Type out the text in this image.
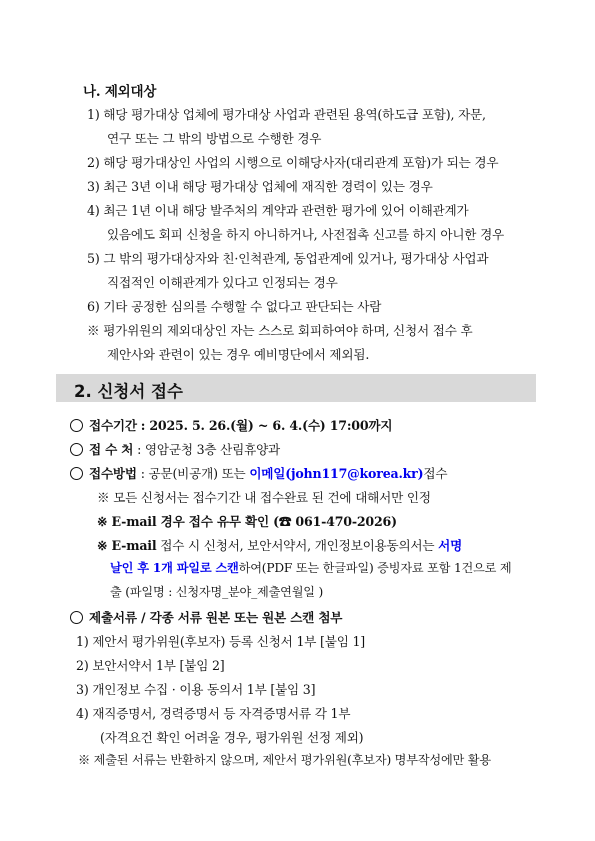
나. 제외대상
1) 해당 평가대상 업체에 평가대상 사업과 관련된 용역(하도급 포함), 자문,
연구 또는 그 밖의 방법으로 수행한 경우
2) 해당 평가대상인 사업의 시행으로 이해당사자(대리관계 포함)가 되는 경우
3) 최근 3년 이내 해당 평가대상 업체에 재직한 경력이 있는 경우
4) 최근 1년 이내 해당 발주처의 계약과 관련한 평가에 있어 이해관계가
있음에도 회피 신청을 하지 아니하거나, 사전접촉 신고를 하지 아니한 경우
5) 그 밖의 평가대상자와 친·인척관계, 동업관계에 있거나, 평가대상 사업과
직접적인 이해관계가 있다고 인정되는 경우
6) 기타 공정한 심의를 수행할 수 없다고 판단되는 사람
※ 평가위원의 제외대상인 자는 스스로 회피하여야 하며, 신청서 접수 후
제안사와 관련이 있는 경우 예비명단에서 제외됨.
2. 신청서 접수
접수기간 : 2025. 5. 26.(월) ~ 6. 4.(수) 17:00까지
접 수 처 : 영암군청 3층 산림휴양과
접수방법 : 공문(비공개) 또는 이메일(john117@korea.kr)접수
※ 모든 신청서는 접수기간 내 접수완료 된 건에 대해서만 인정
※ E-mail 경우 접수 유무 확인 (☎ 061-470-2026)
※ E-mail 접수 시 신청서, 보안서약서, 개인정보이용동의서는 서명
날인 후 1개 파일로 스캔하여(PDF 또는 한글파일) 증빙자료 포함 1건으로 제
출 (파일명 : 신청자명_분야_제출연월일 )
제출서류 / 각종 서류 원본 또는 원본 스캔 첨부
1) 제안서 평가위원(후보자) 등록 신청서 1부 [붙임 1]
2) 보안서약서 1부 [붙임 2]
3) 개인정보 수집 · 이용 동의서 1부 [붙임 3]
4) 재직증명서, 경력증명서 등 자격증명서류 각 1부
(자격요건 확인 어려울 경우, 평가위원 선정 제외)
※ 제출된 서류는 반환하지 않으며, 제안서 평가위원(후보자) 명부작성에만 활용
